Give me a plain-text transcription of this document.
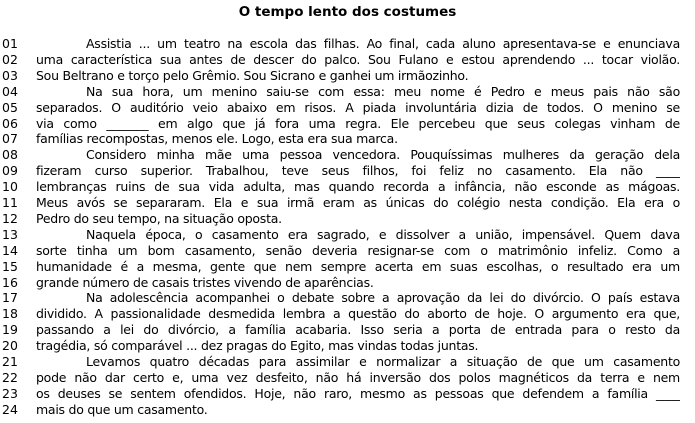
O tempo lento dos costumes
01	Assistia ... um teatro na escola das filhas. Ao final, cada aluno apresentava-se e enunciava
02 uma característica sua antes de descer do palco. Sou Fulano e estou aprendendo ... tocar violão.
03 Sou Beltrano e torço pelo Grêmio. Sou Sicrano e ganhei um irmãozinho.
04	Na sua hora, um menino saiu-se com essa: meu nome é Pedro e meus pais não são
05 separados. O auditório veio abaixo em risos. A piada involuntária dizia de todos. O menino se
06 via como _______ em algo que já fora uma regra. Ele percebeu que seus colegas vinham de
07 famílias recompostas, menos ele. Logo, esta era sua marca.
08	Considero minha mãe uma pessoa vencedora. Pouquíssimas mulheres da geração dela
09 fizeram curso superior. Trabalhou, teve seus filhos, foi feliz no casamento. Ela não ____
10 lembranças ruins de sua vida adulta, mas quando recorda a infância, não esconde as mágoas.
11 Meus avós se separaram. Ela e sua irmã eram as únicas do colégio nesta condição. Ela era o
12 Pedro do seu tempo, na situação oposta.
13	Naquela época, o casamento era sagrado, e dissolver a união, impensável. Quem dava
14 sorte tinha um bom casamento, senão deveria resignar-se com o matrimônio infeliz. Como a
15 humanidade é a mesma, gente que nem sempre acerta em suas escolhas, o resultado era um
16 grande número de casais tristes vivendo de aparências.
17	Na adolescência acompanhei o debate sobre a aprovação da lei do divórcio. O país estava
18 dividido. A passionalidade desmedida lembra a questão do aborto de hoje. O argumento era que,
19 passando a lei do divórcio, a família acabaria. Isso seria a porta de entrada para o resto da
20 tragédia, só comparável ... dez pragas do Egito, mas vindas todas juntas.
21	Levamos quatro décadas para assimilar e normalizar a situação de que um casamento
22 pode não dar certo e, uma vez desfeito, não há inversão dos polos magnéticos da terra e nem
23 os deuses se sentem ofendidos. Hoje, não raro, mesmo as pessoas que defendem a família ____
24 mais do que um casamento.
